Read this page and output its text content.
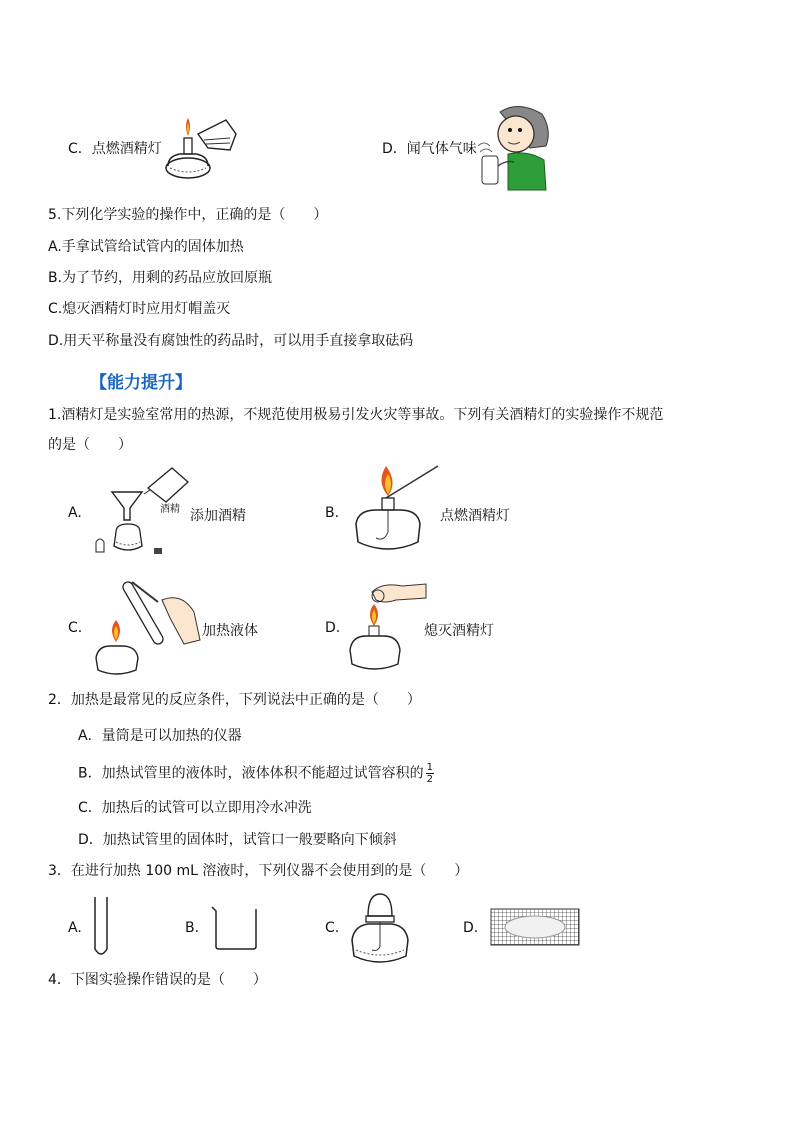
C．点燃酒精灯	D．闻气体气味
5.下列化学实验的操作中，正确的是（　　）
A.手拿试管给试管内的固体加热
B.为了节约，用剩的药品应放回原瓶
C.熄灭酒精灯时应用灯帽盖灭
D.用天平称量没有腐蚀性的药品时，可以用手直接拿取砝码
【能力提升】
1.酒精灯是实验室常用的热源，不规范使用极易引发火灾等事故。下列有关酒精灯的实验操作不规范
的是（　　）
A.	酒精 添加酒精	B.	点燃酒精灯
C.	加热液体	D.	熄灭酒精灯
2．加热是最常见的反应条件，下列说法中正确的是（　　）
A．量筒是可以加热的仪器
B．加热试管里的液体时，液体体积不能超过试管容积的 $\frac{1}{2}$
C．加热后的试管可以立即用冷水冲洗
D．加热试管里的固体时，试管口一般要略向下倾斜
3．在进行加热 100 mL 溶液时，下列仪器不会使用到的是（　　）
A.	B.	C.	D.
4．下图实验操作错误的是（　　）
